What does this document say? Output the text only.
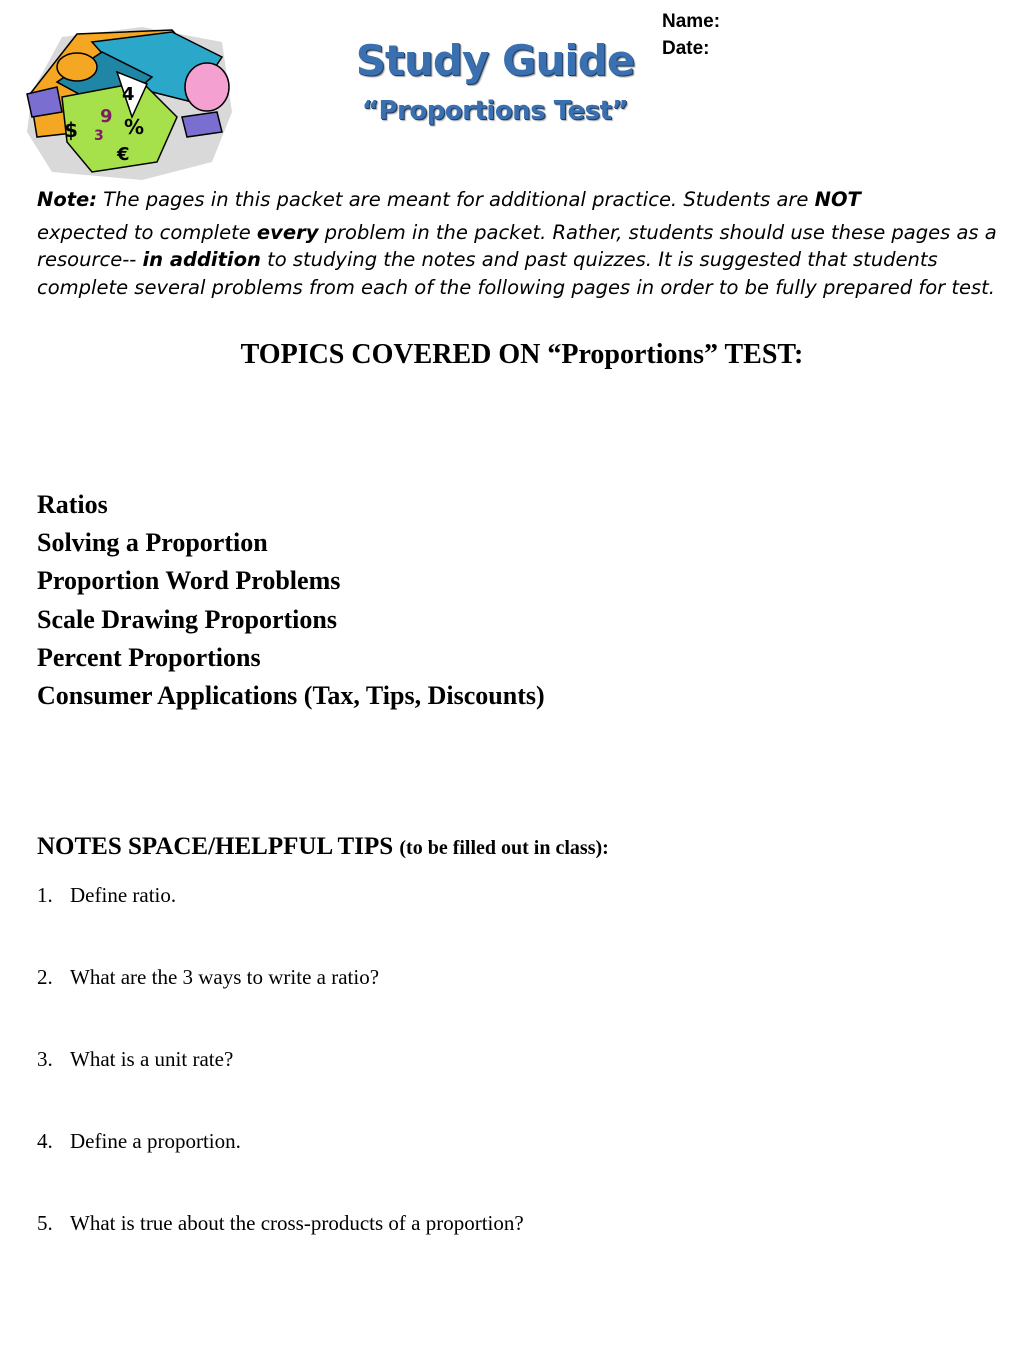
4
9 %
$ 3
€
Name:
Date:
Study Guide
“Proportions Test”
Note: The pages in this packet are meant for additional practice. Students are NOT
expected to complete every problem in the packet. Rather, students should use these pages as a resource-- in addition to studying the notes and past quizzes. It is suggested that students complete several problems from each of the following pages in order to be fully prepared for test.
TOPICS COVERED ON “Proportions” TEST:
Ratios
Solving a Proportion
Proportion Word Problems
Scale Drawing Proportions
Percent Proportions
Consumer Applications (Tax, Tips, Discounts)
NOTES SPACE/HELPFUL TIPS (to be filled out in class):
1. Define ratio.
2. What are the 3 ways to write a ratio?
3. What is a unit rate?
4. Define a proportion.
5. What is true about the cross-products of a proportion?
